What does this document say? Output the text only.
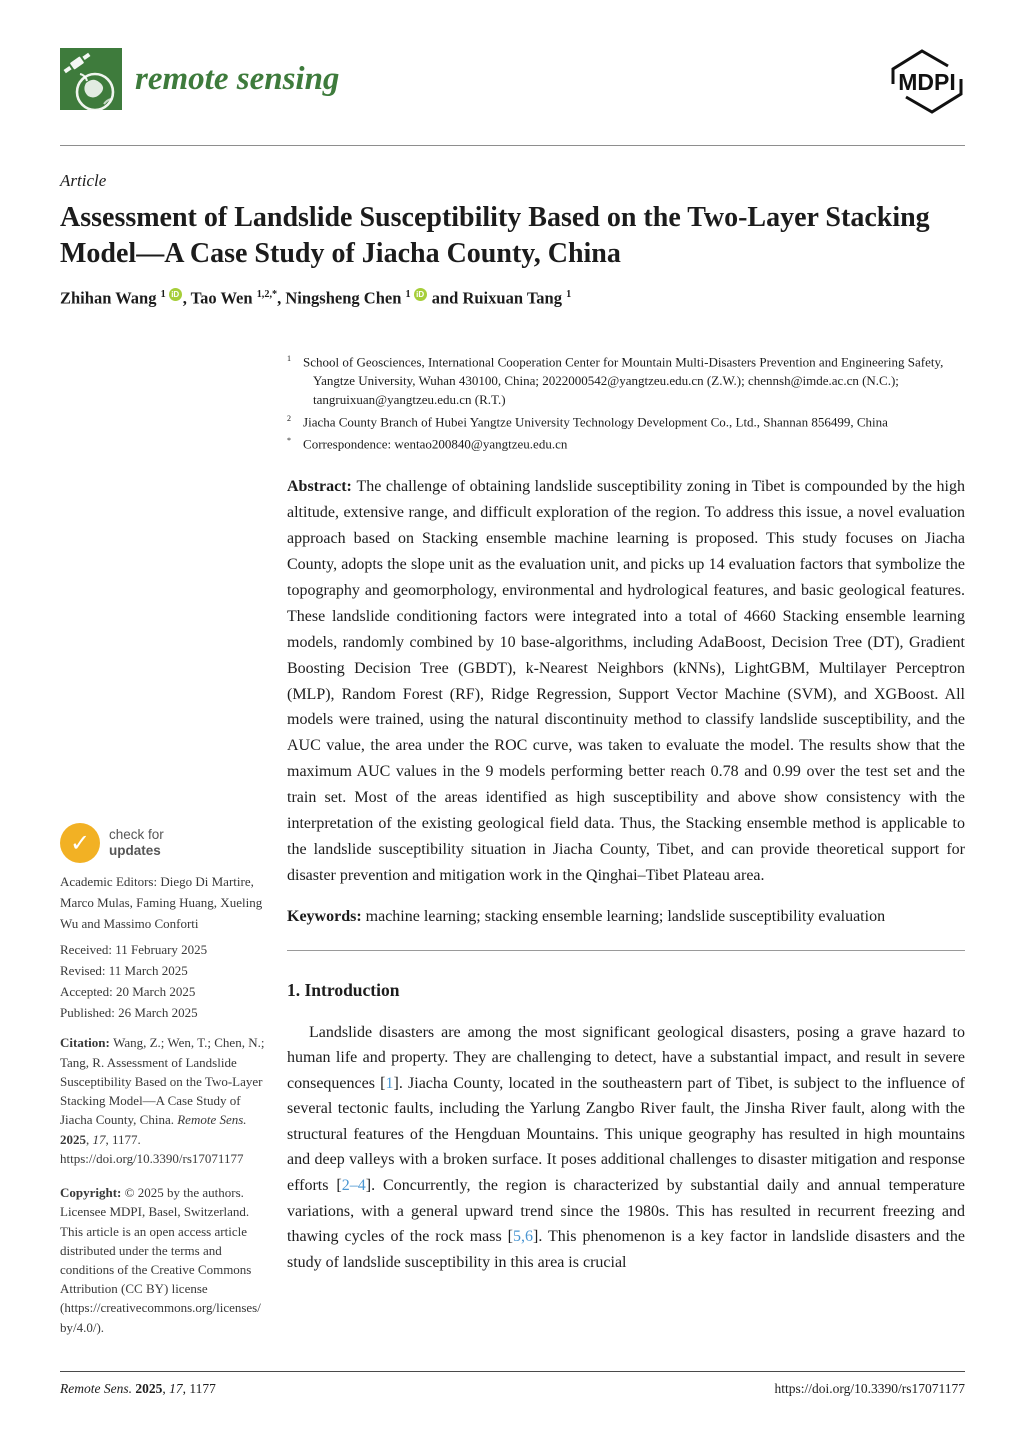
remote sensing	MDPI
Article
Assessment of Landslide Susceptibility Based on the Two-Layer Stacking Model—A Case Study of Jiacha County, China
Zhihan Wang $^1$ iD , Tao Wen $^{1,2,*}$, Ningsheng Chen $^1$ iD and Ruixuan Tang $^1$
✓ check for
updates

Academic Editors: Diego Di Martire, Marco Mulas, Faming Huang, Xueling Wu and Massimo Conforti

Received: 11 February 2025
Revised: 11 March 2025
Accepted: 20 March 2025
Published: 26 March 2025

Citation: Wang, Z.; Wen, T.; Chen, N.; Tang, R. Assessment of Landslide Susceptibility Based on the Two-Layer Stacking Model—A Case Study of Jiacha County, China. Remote Sens. 2025, 17, 1177. https://doi.org/10.3390/rs17071177

Copyright: © 2025 by the authors. Licensee MDPI, Basel, Switzerland. This article is an open access article distributed under the terms and conditions of the Creative Commons Attribution (CC BY) license (https://creativecommons.org/licenses/by/4.0/).

$^1$ School of Geosciences, International Cooperation Center for Mountain Multi-Disasters Prevention and Engineering Safety, Yangtze University, Wuhan 430100, China; 2022000542@yangtzeu.edu.cn (Z.W.); chennsh@imde.ac.cn (N.C.); tangruixuan@yangtzeu.edu.cn (R.T.)
$^2$ Jiacha County Branch of Hubei Yangtze University Technology Development Co., Ltd., Shannan 856499, China
* Correspondence: wentao200840@yangtzeu.edu.cn

Abstract: The challenge of obtaining landslide susceptibility zoning in Tibet is compounded by the high altitude, extensive range, and difficult exploration of the region. To address this issue, a novel evaluation approach based on Stacking ensemble machine learning is proposed. This study focuses on Jiacha County, adopts the slope unit as the evaluation unit, and picks up 14 evaluation factors that symbolize the topography and geomorphology, environmental and hydrological features, and basic geological features. These landslide conditioning factors were integrated into a total of 4660 Stacking ensemble learning models, randomly combined by 10 base-algorithms, including AdaBoost, Decision Tree (DT), Gradient Boosting Decision Tree (GBDT), k-Nearest Neighbors (kNNs), LightGBM, Multilayer Perceptron (MLP), Random Forest (RF), Ridge Regression, Support Vector Machine (SVM), and XGBoost. All models were trained, using the natural discontinuity method to classify landslide susceptibility, and the AUC value, the area under the ROC curve, was taken to evaluate the model. The results show that the maximum AUC values in the 9 models performing better reach 0.78 and 0.99 over the test set and the train set. Most of the areas identified as high susceptibility and above show consistency with the interpretation of the existing geological field data. Thus, the Stacking ensemble method is applicable to the landslide susceptibility situation in Jiacha County, Tibet, and can provide theoretical support for disaster prevention and mitigation work in the Qinghai–Tibet Plateau area.

Keywords: machine learning; stacking ensemble learning; landslide susceptibility evaluation

1. Introduction

Landslide disasters are among the most significant geological disasters, posing a grave hazard to human life and property. They are challenging to detect, have a substantial impact, and result in severe consequences [1]. Jiacha County, located in the southeastern part of Tibet, is subject to the influence of several tectonic faults, including the Yarlung Zangbo River fault, the Jinsha River fault, along with the structural features of the Hengduan Mountains. This unique geography has resulted in high mountains and deep valleys with a broken surface. It poses additional challenges to disaster mitigation and response efforts [2–4]. Concurrently, the region is characterized by substantial daily and annual temperature variations, with a general upward trend since the 1980s. This has resulted in recurrent freezing and thawing cycles of the rock mass [5,6]. This phenomenon is a key factor in landslide disasters and the study of landslide susceptibility in this area is crucial

Remote Sens. 2025, 17, 1177	https://doi.org/10.3390/rs17071177
